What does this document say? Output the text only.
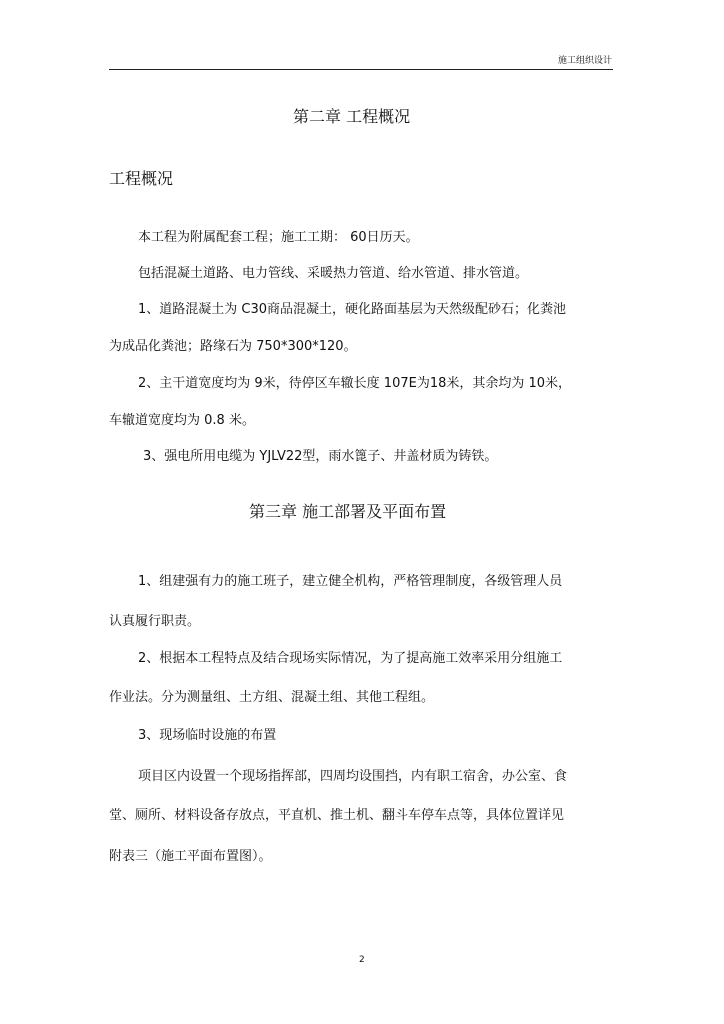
施工组织设计
第二章 工程概况
工程概况
本工程为附属配套工程；施工工期： 60日历天。
包括混凝土道路、电力管线、采暖热力管道、给水管道、排水管道。
1、道路混凝土为 C30商品混凝土，硬化路面基层为天然级配砂石；化粪池
为成品化粪池；路缘石为 750*300*120。
2、主干道宽度均为 9米，待停区车辙长度 107E为18米，其余均为 10米，
车辙道宽度均为 0.8 米。
3、强电所用电缆为 YJLV22型，雨水篦子、井盖材质为铸铁。
第三章 施工部署及平面布置
1、组建强有力的施工班子，建立健全机构，严格管理制度，各级管理人员
认真履行职责。
2、根据本工程特点及结合现场实际情况，为了提高施工效率采用分组施工
作业法。分为测量组、土方组、混凝土组、其他工程组。
3、现场临时设施的布置
项目区内设置一个现场指挥部，四周均设围挡，内有职工宿舍，办公室、食
堂、厕所、材料设备存放点，平直机、推土机、翻斗车停车点等，具体位置详见
附表三（施工平面布置图）。
2
